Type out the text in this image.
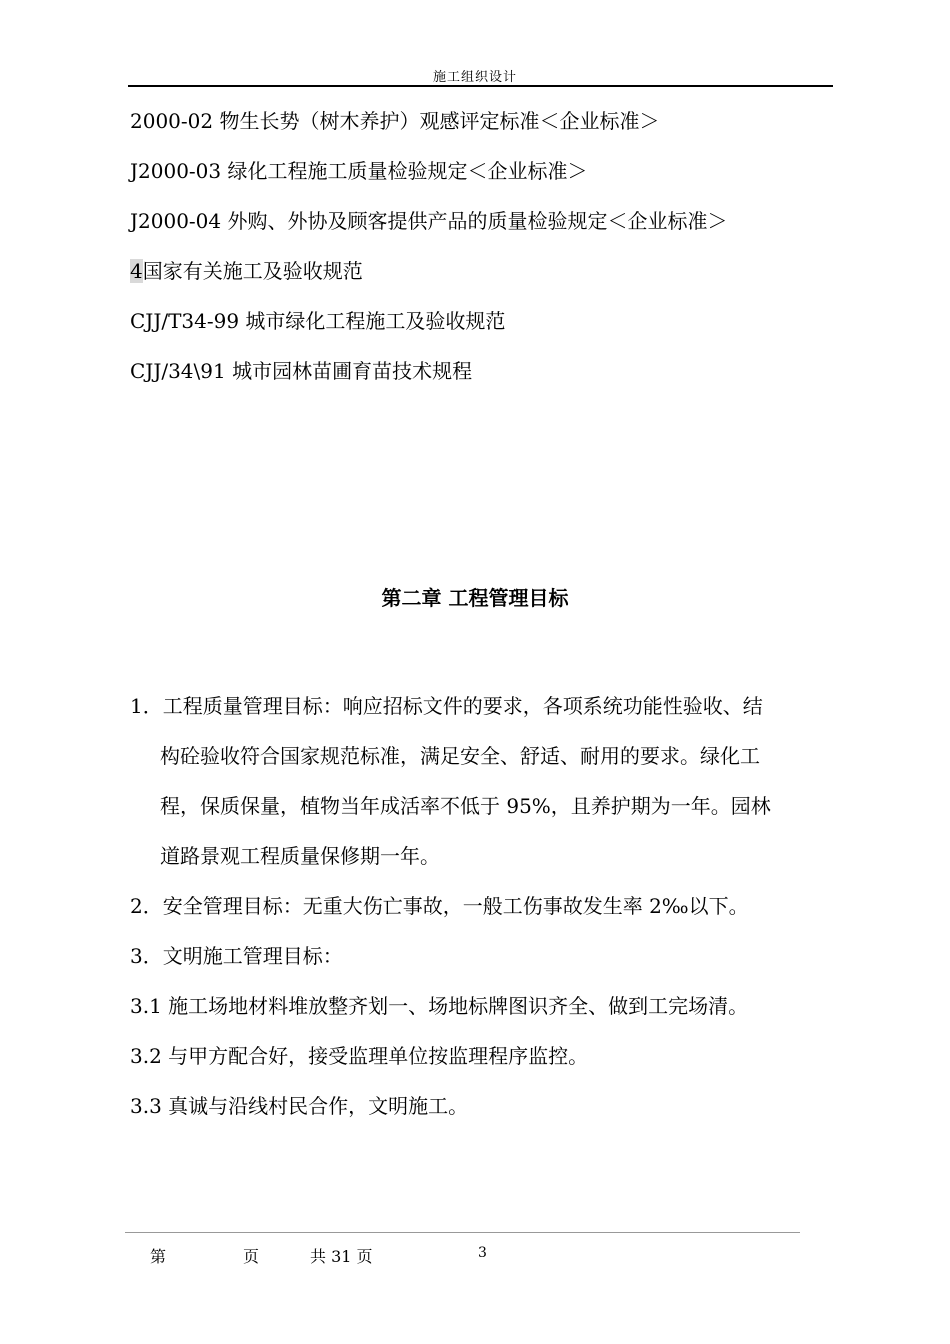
施工组织设计
2000-02 物生长势（树木养护）观感评定标准＜企业标准＞
J2000-03 绿化工程施工质量检验规定＜企业标准＞
J2000-04 外购、外协及顾客提供产品的质量检验规定＜企业标准＞
4国家有关施工及验收规范
CJJ/T34-99 城市绿化工程施工及验收规范
CJJ/34\91 城市园林苗圃育苗技术规程
第二章 工程管理目标
1．工程质量管理目标：响应招标文件的要求，各项系统功能性验收、结
构砼验收符合国家规范标准，满足安全、舒适、耐用的要求。绿化工
程，保质保量，植物当年成活率不低于 95%，且养护期为一年。园林
道路景观工程质量保修期一年。
2．安全管理目标：无重大伤亡事故，一般工伤事故发生率 2‰以下。
3．文明施工管理目标：
3.1 施工场地材料堆放整齐划一、场地标牌图识齐全、做到工完场清。
3.2 与甲方配合好，接受监理单位按监理程序监控。
3.3 真诚与沿线村民合作，文明施工。
第	页	共 31 页	3
